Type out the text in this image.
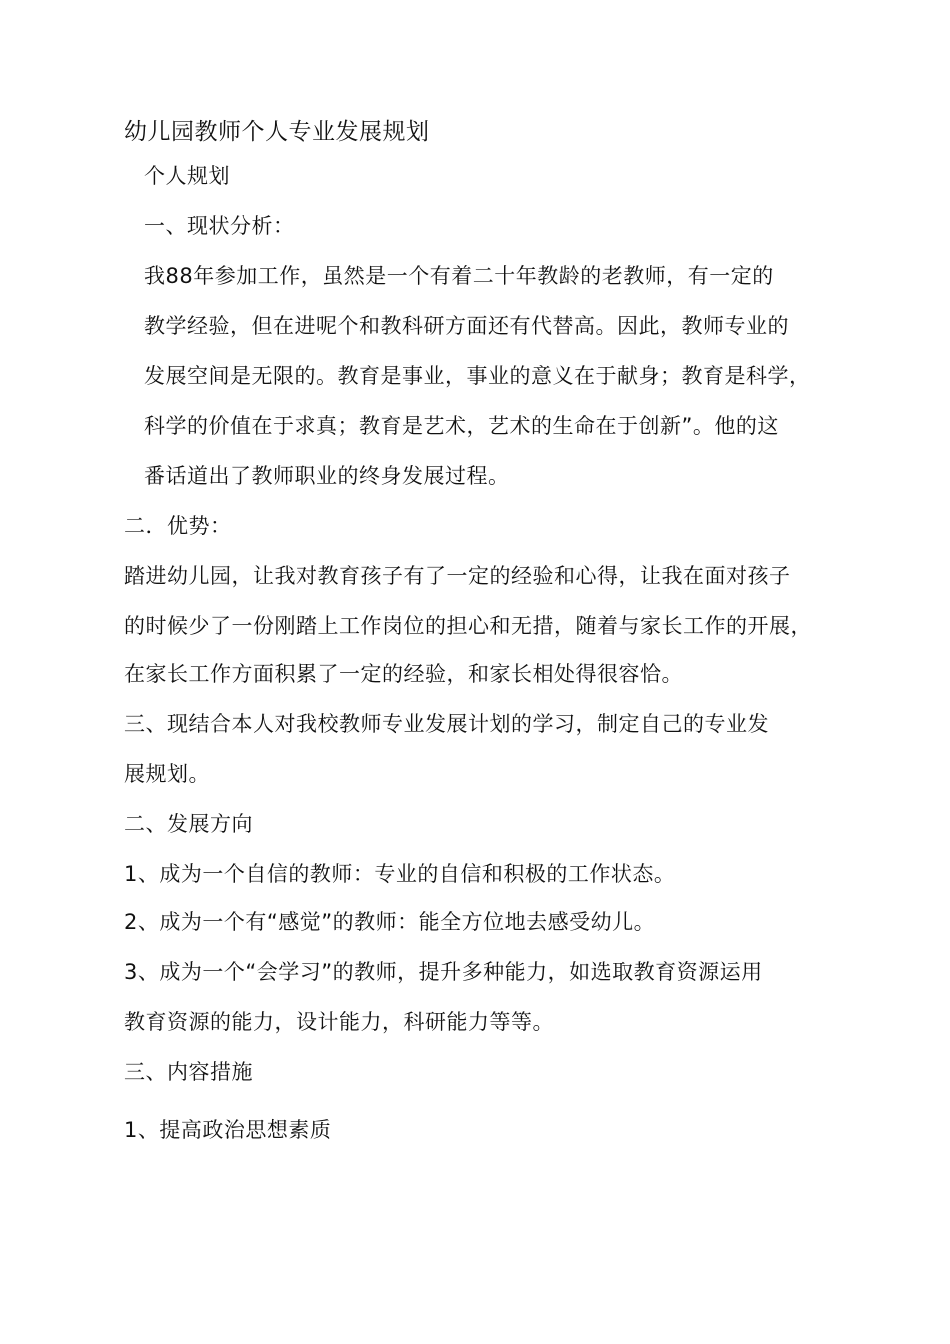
幼儿园教师个人专业发展规划
个人规划
一、现状分析：
我88年参加工作，虽然是一个有着二十年教龄的老教师，有一定的
教学经验，但在进呢个和教科研方面还有代替高。因此，教师专业的
发展空间是无限的。教育是事业，事业的意义在于献身；教育是科学，
科学的价值在于求真；教育是艺术，艺术的生命在于创新”。他的这
番话道出了教师职业的终身发展过程。
二．优势：
踏进幼儿园，让我对教育孩子有了一定的经验和心得，让我在面对孩子
的时候少了一份刚踏上工作岗位的担心和无措，随着与家长工作的开展，
在家长工作方面积累了一定的经验，和家长相处得很容恰。
三、现结合本人对我校教师专业发展计划的学习，制定自己的专业发
展规划。
二、发展方向
1、成为一个自信的教师：专业的自信和积极的工作状态。
2、成为一个有“感觉”的教师：能全方位地去感受幼儿。
3、成为一个“会学习”的教师，提升多种能力，如选取教育资源运用
教育资源的能力，设计能力，科研能力等等。
三、内容措施
1、提高政治思想素质
